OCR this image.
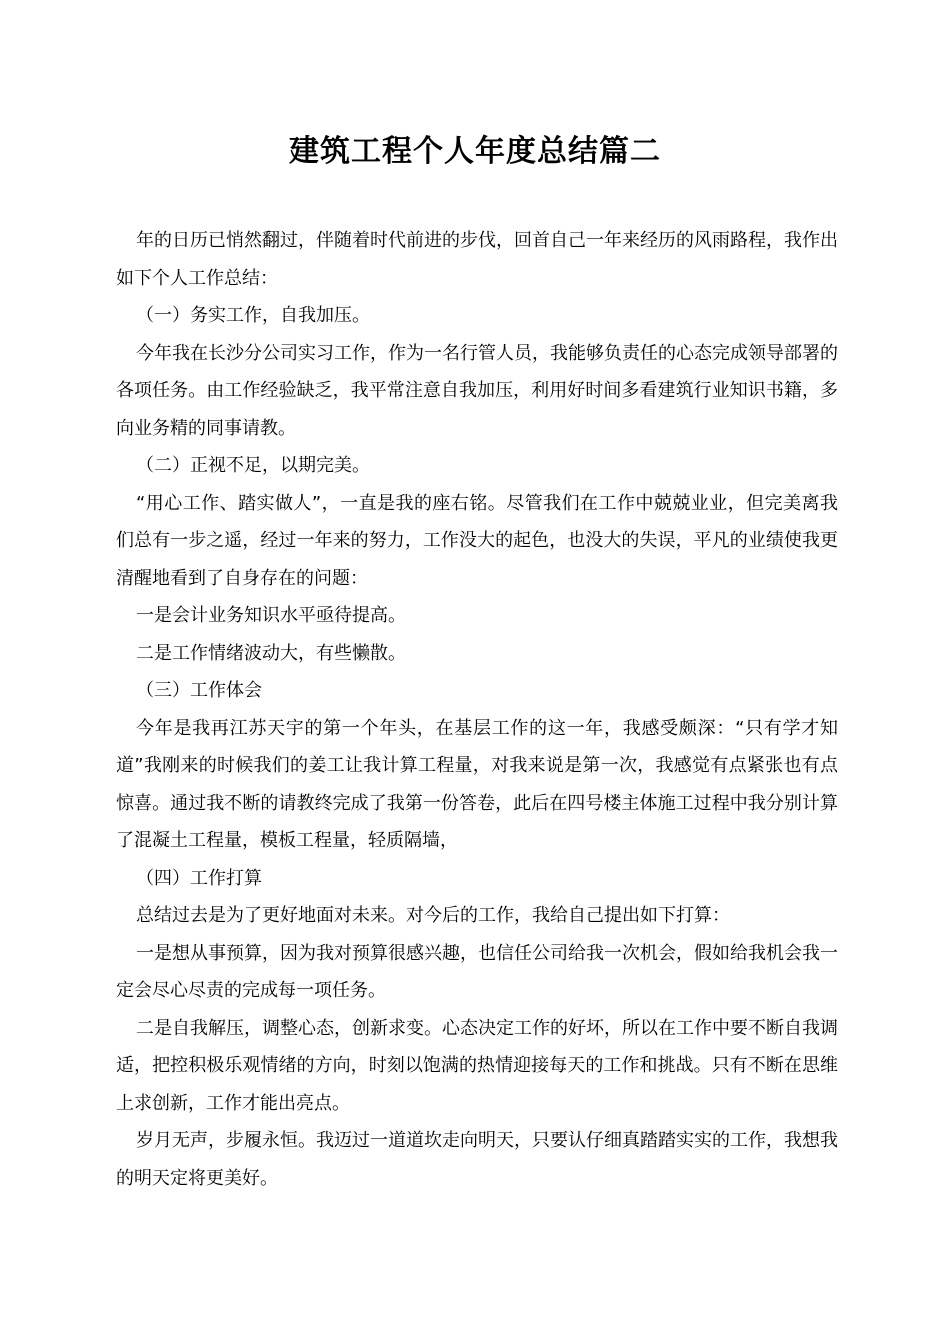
建筑工程个人年度总结篇二

年的日历已悄然翻过，伴随着时代前进的步伐，回首自己一年来经历的风雨路程，我作出如下个人工作总结：

（一）务实工作，自我加压。

今年我在长沙分公司实习工作，作为一名行管人员，我能够负责任的心态完成领导部署的各项任务。由工作经验缺乏，我平常注意自我加压，利用好时间多看建筑行业知识书籍，多向业务精的同事请教。

（二）正视不足，以期完美。

“用心工作、踏实做人”，一直是我的座右铭。尽管我们在工作中兢兢业业，但完美离我们总有一步之遥，经过一年来的努力，工作没大的起色，也没大的失误，平凡的业绩使我更清醒地看到了自身存在的问题：

一是会计业务知识水平亟待提高。

二是工作情绪波动大，有些懒散。

（三）工作体会

今年是我再江苏天宇的第一个年头，在基层工作的这一年，我感受颇深：“只有学才知道”我刚来的时候我们的姜工让我计算工程量，对我来说是第一次，我感觉有点紧张也有点惊喜。通过我不断的请教终完成了我第一份答卷，此后在四号楼主体施工过程中我分别计算了混凝土工程量，模板工程量，轻质隔墙，

（四）工作打算

总结过去是为了更好地面对未来。对今后的工作，我给自己提出如下打算：

一是想从事预算，因为我对预算很感兴趣，也信任公司给我一次机会，假如给我机会我一定会尽心尽责的完成每一项任务。

二是自我解压，调整心态，创新求变。心态决定工作的好坏，所以在工作中要不断自我调适，把控积极乐观情绪的方向，时刻以饱满的热情迎接每天的工作和挑战。只有不断在思维上求创新，工作才能出亮点。

岁月无声，步履永恒。我迈过一道道坎走向明天，只要认仔细真踏踏实实的工作，我想我的明天定将更美好。
